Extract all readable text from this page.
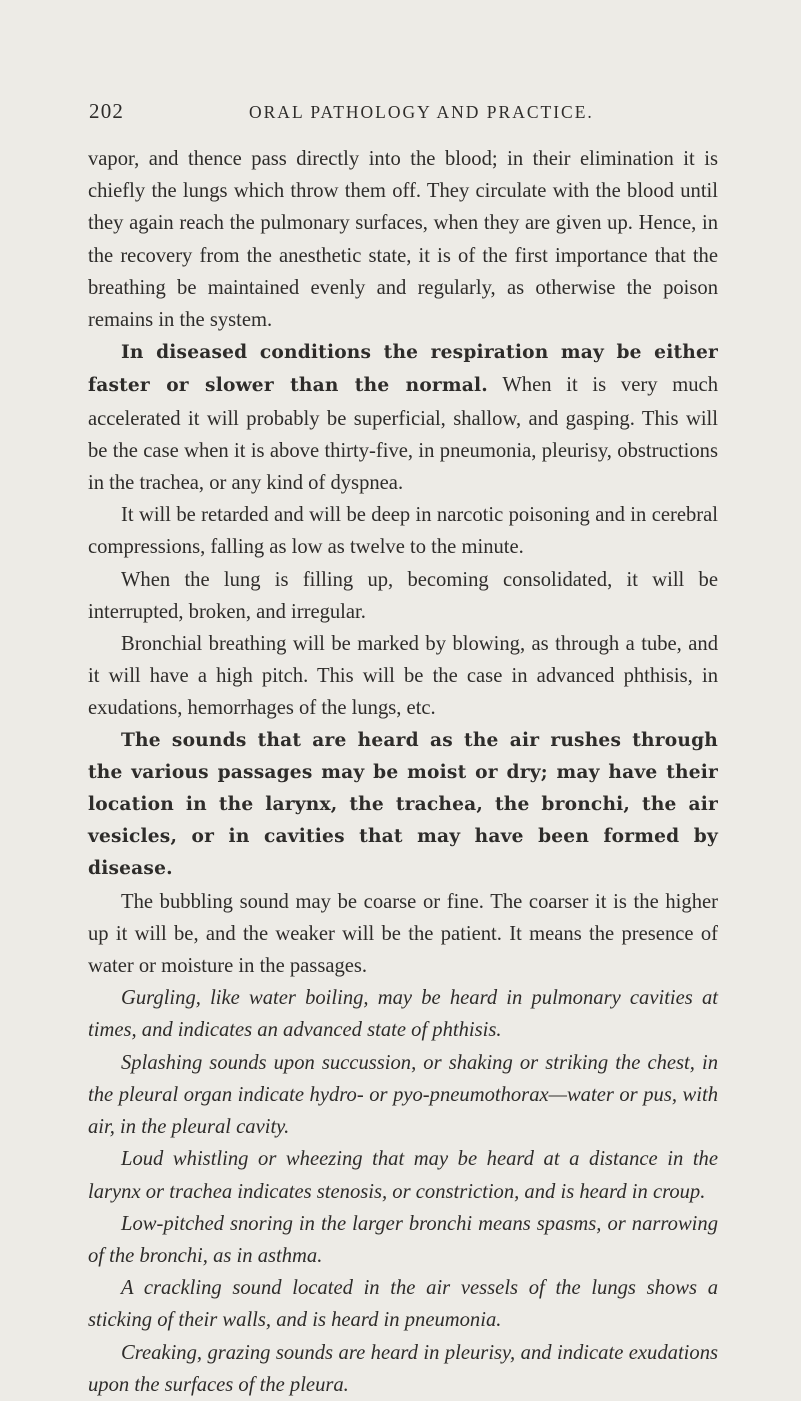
202	ORAL PATHOLOGY AND PRACTICE.

vapor, and thence pass directly into the blood; in their elimination it is chiefly the lungs which throw them off. They circulate with the blood until they again reach the pulmonary surfaces, when they are given up. Hence, in the recovery from the anesthetic state, it is of the first importance that the breathing be maintained evenly and regularly, as otherwise the poison remains in the system.

In diseased conditions the respiration may be either faster or slower than the normal. When it is very much accelerated it will probably be superficial, shallow, and gasping. This will be the case when it is above thirty-five, in pneumonia, pleurisy, obstructions in the trachea, or any kind of dyspnea.

It will be retarded and will be deep in narcotic poisoning and in cerebral compressions, falling as low as twelve to the minute.

When the lung is filling up, becoming consolidated, it will be interrupted, broken, and irregular.

Bronchial breathing will be marked by blowing, as through a tube, and it will have a high pitch. This will be the case in advanced phthisis, in exudations, hemorrhages of the lungs, etc.

The sounds that are heard as the air rushes through the various passages may be moist or dry; may have their location in the larynx, the trachea, the bronchi, the air vesicles, or in cavities that may have been formed by disease.

The bubbling sound may be coarse or fine. The coarser it is the higher up it will be, and the weaker will be the patient. It means the presence of water or moisture in the passages.

Gurgling, like water boiling, may be heard in pulmonary cavities at times, and indicates an advanced state of phthisis.

Splashing sounds upon succussion, or shaking or striking the chest, in the pleural organ indicate hydro- or pyo-pneumothorax—water or pus, with air, in the pleural cavity.

Loud whistling or wheezing that may be heard at a distance in the larynx or trachea indicates stenosis, or constriction, and is heard in croup.

Low-pitched snoring in the larger bronchi means spasms, or narrowing of the bronchi, as in asthma.

A crackling sound located in the air vessels of the lungs shows a sticking of their walls, and is heard in pneumonia.

Creaking, grazing sounds are heard in pleurisy, and indicate exudations upon the surfaces of the pleura.
